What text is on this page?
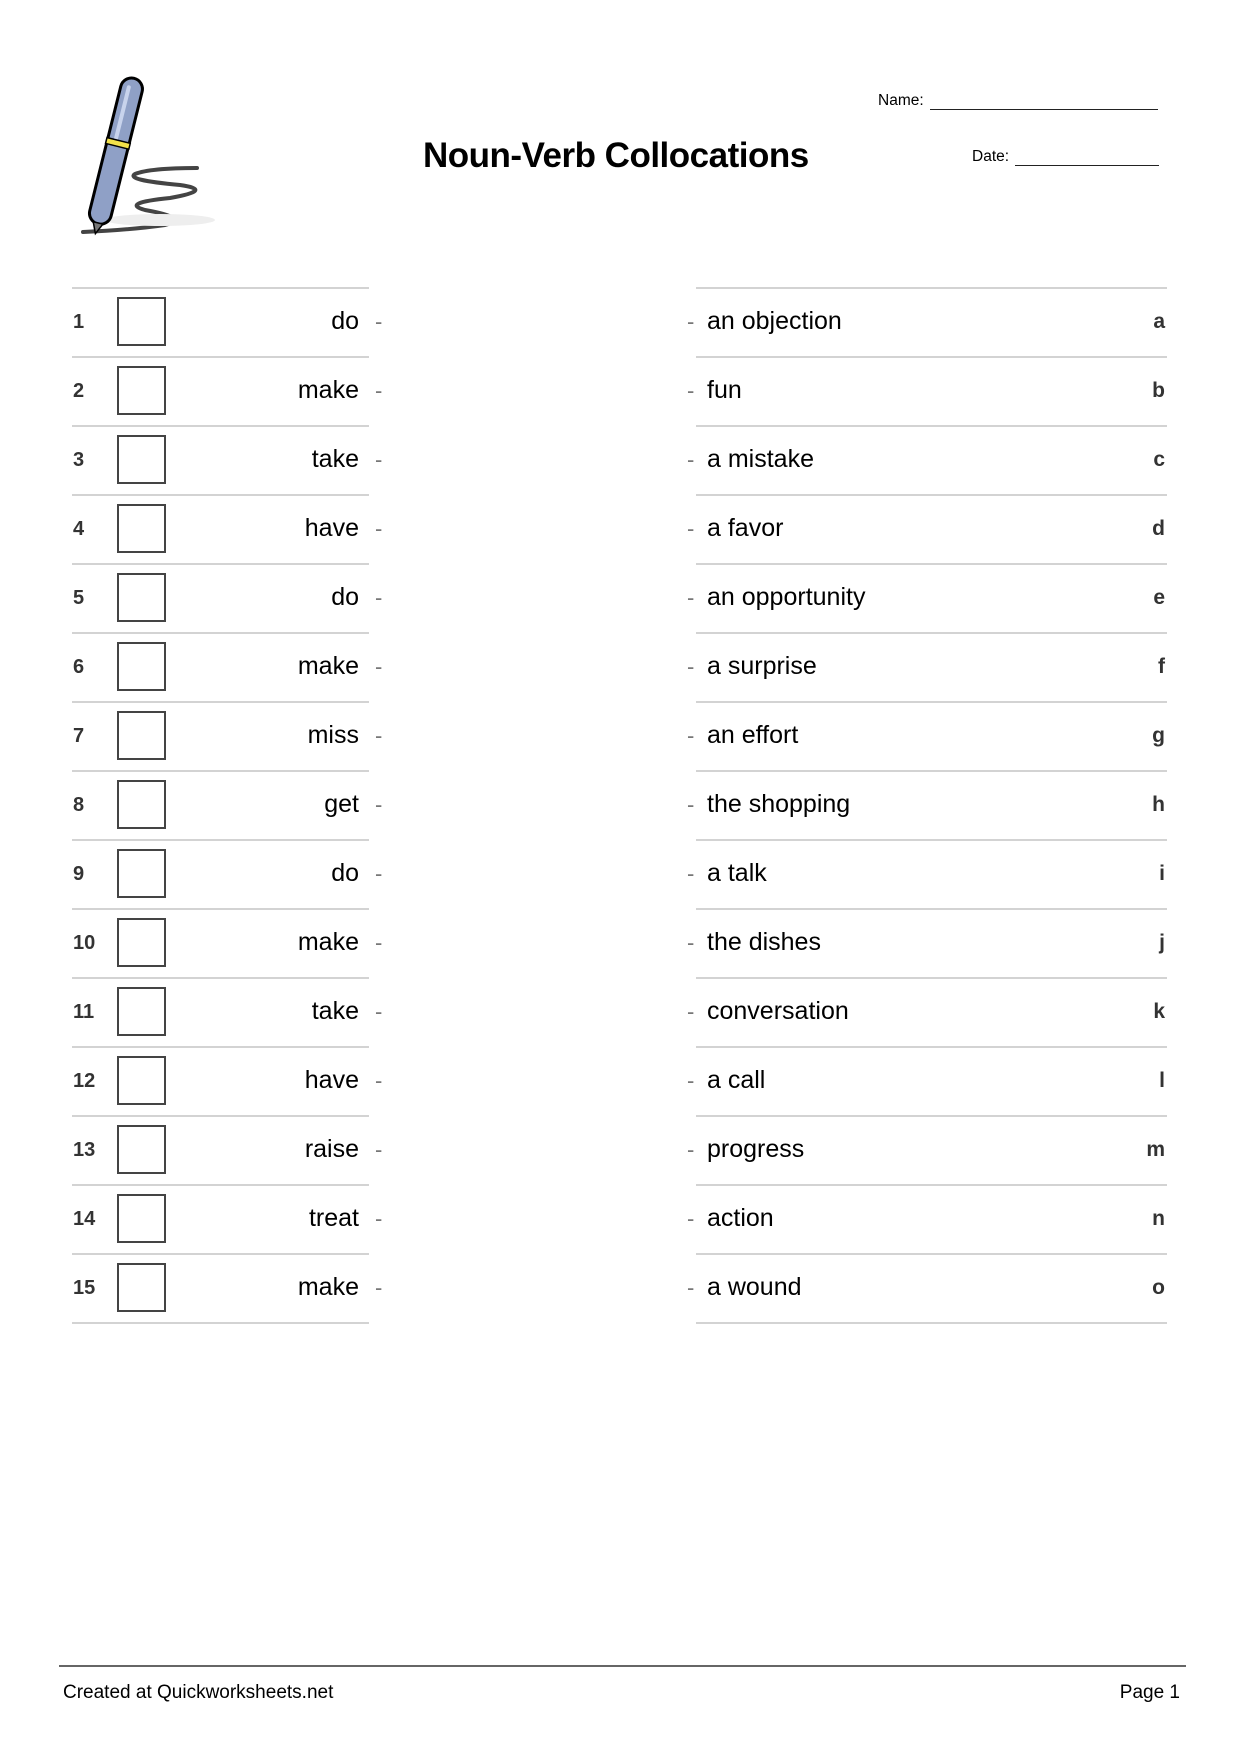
Noun-Verb Collocations
Name:
Date:
1	do -	- an objection	a
2	make -	- fun	b
3	take -	- a mistake	c
4	have -	- a favor	d
5	do -	- an opportunity	e
6	make -	- a surprise	f
7	miss -	- an effort	g
8	get -	- the shopping	h
9	do -	- a talk	i
10	make -	- the dishes	j
11	take -	- conversation	k
12	have -	- a call	l
13	raise -	- progress	m
14	treat -	- action	n
15	make -	- a wound	o
Created at Quickworksheets.net	Page 1
